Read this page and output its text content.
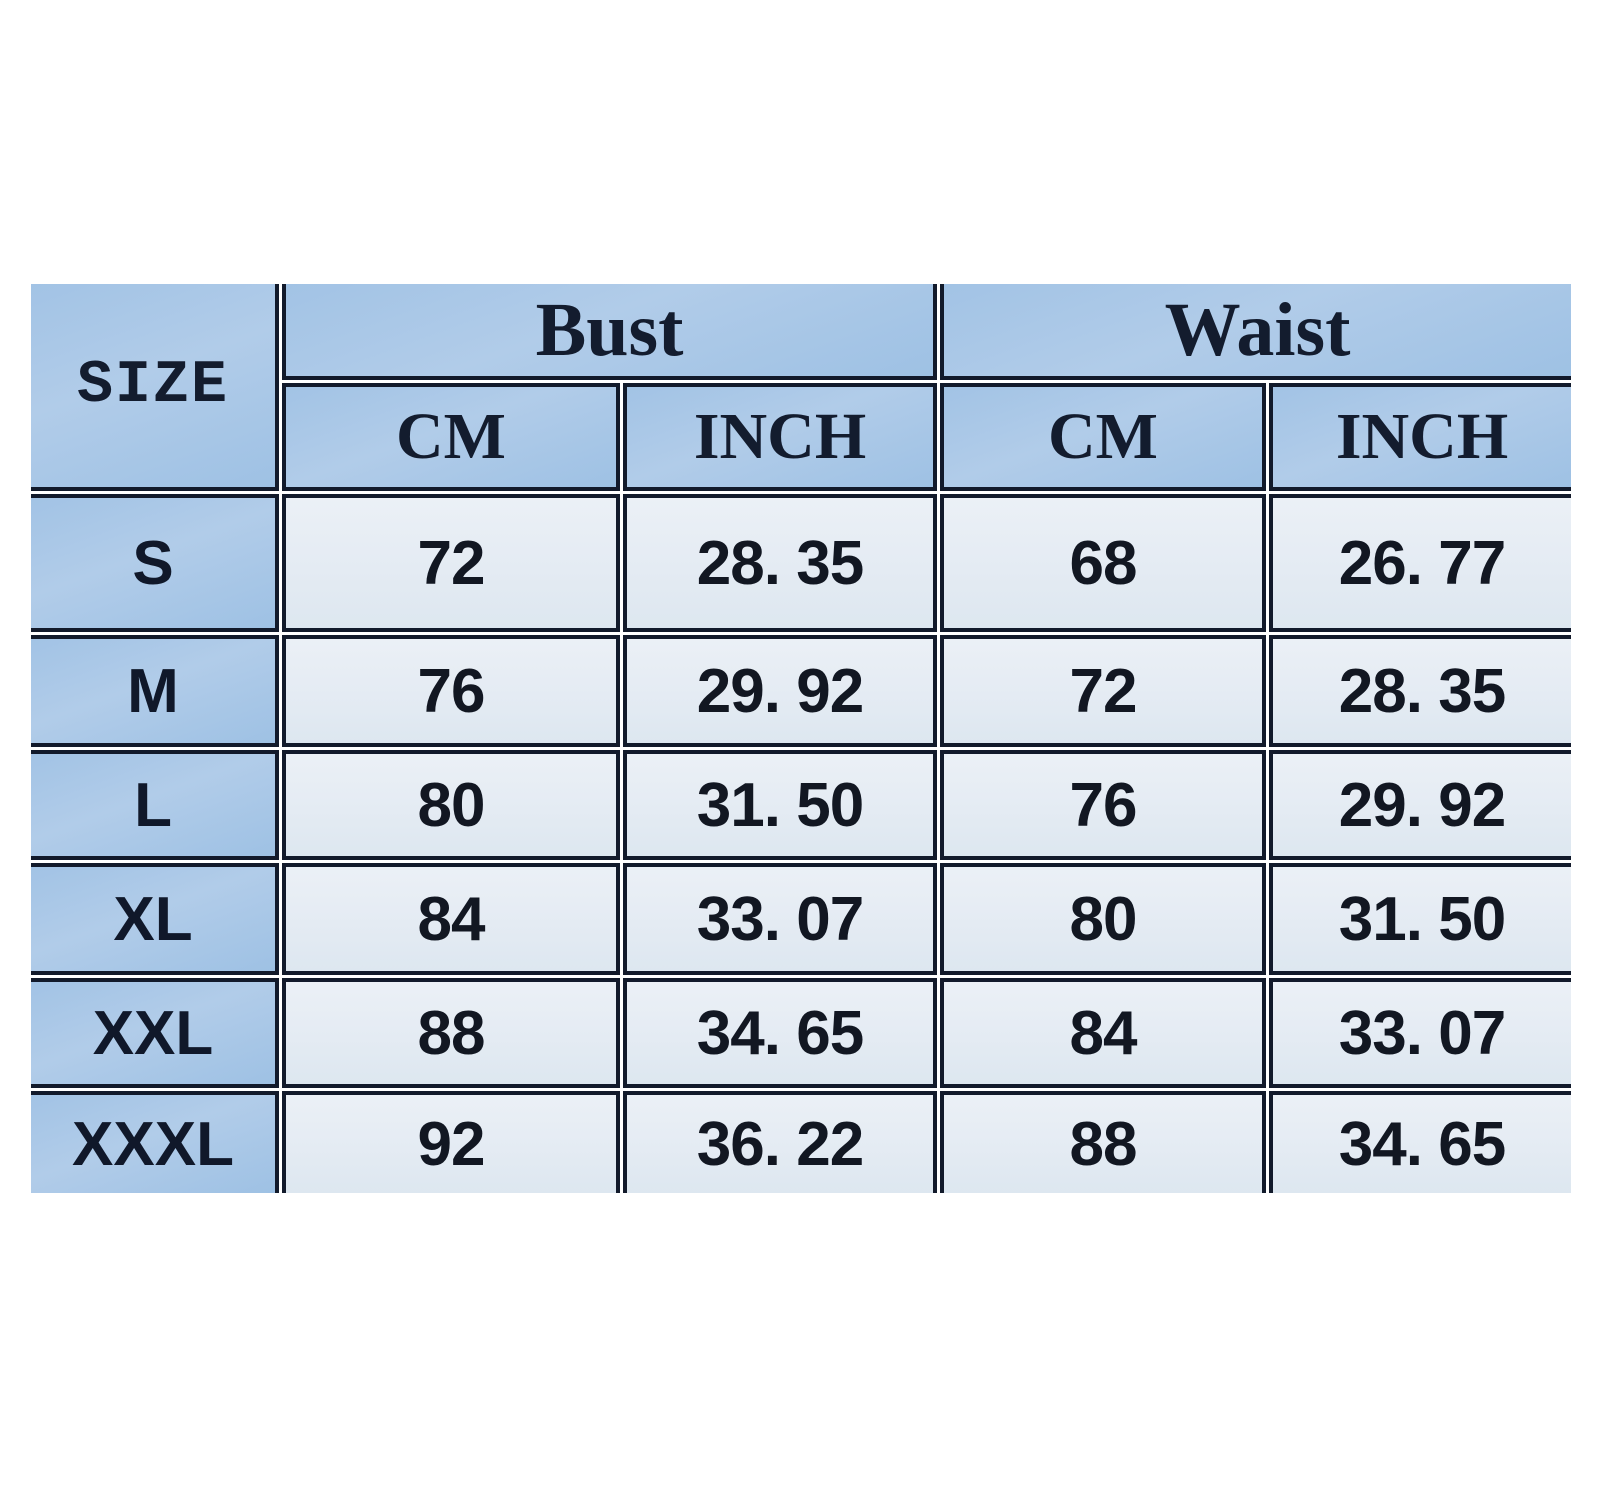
SIZE	Bust		Waist	
	CM	INCH	CM	INCH
S	72	28. 35	68	26. 77
M	76	29. 92	72	28. 35
L	80	31. 50	76	29. 92
XL	84	33. 07	80	31. 50
XXL	88	34. 65	84	33. 07
XXXL	92	36. 22	88	34. 65
